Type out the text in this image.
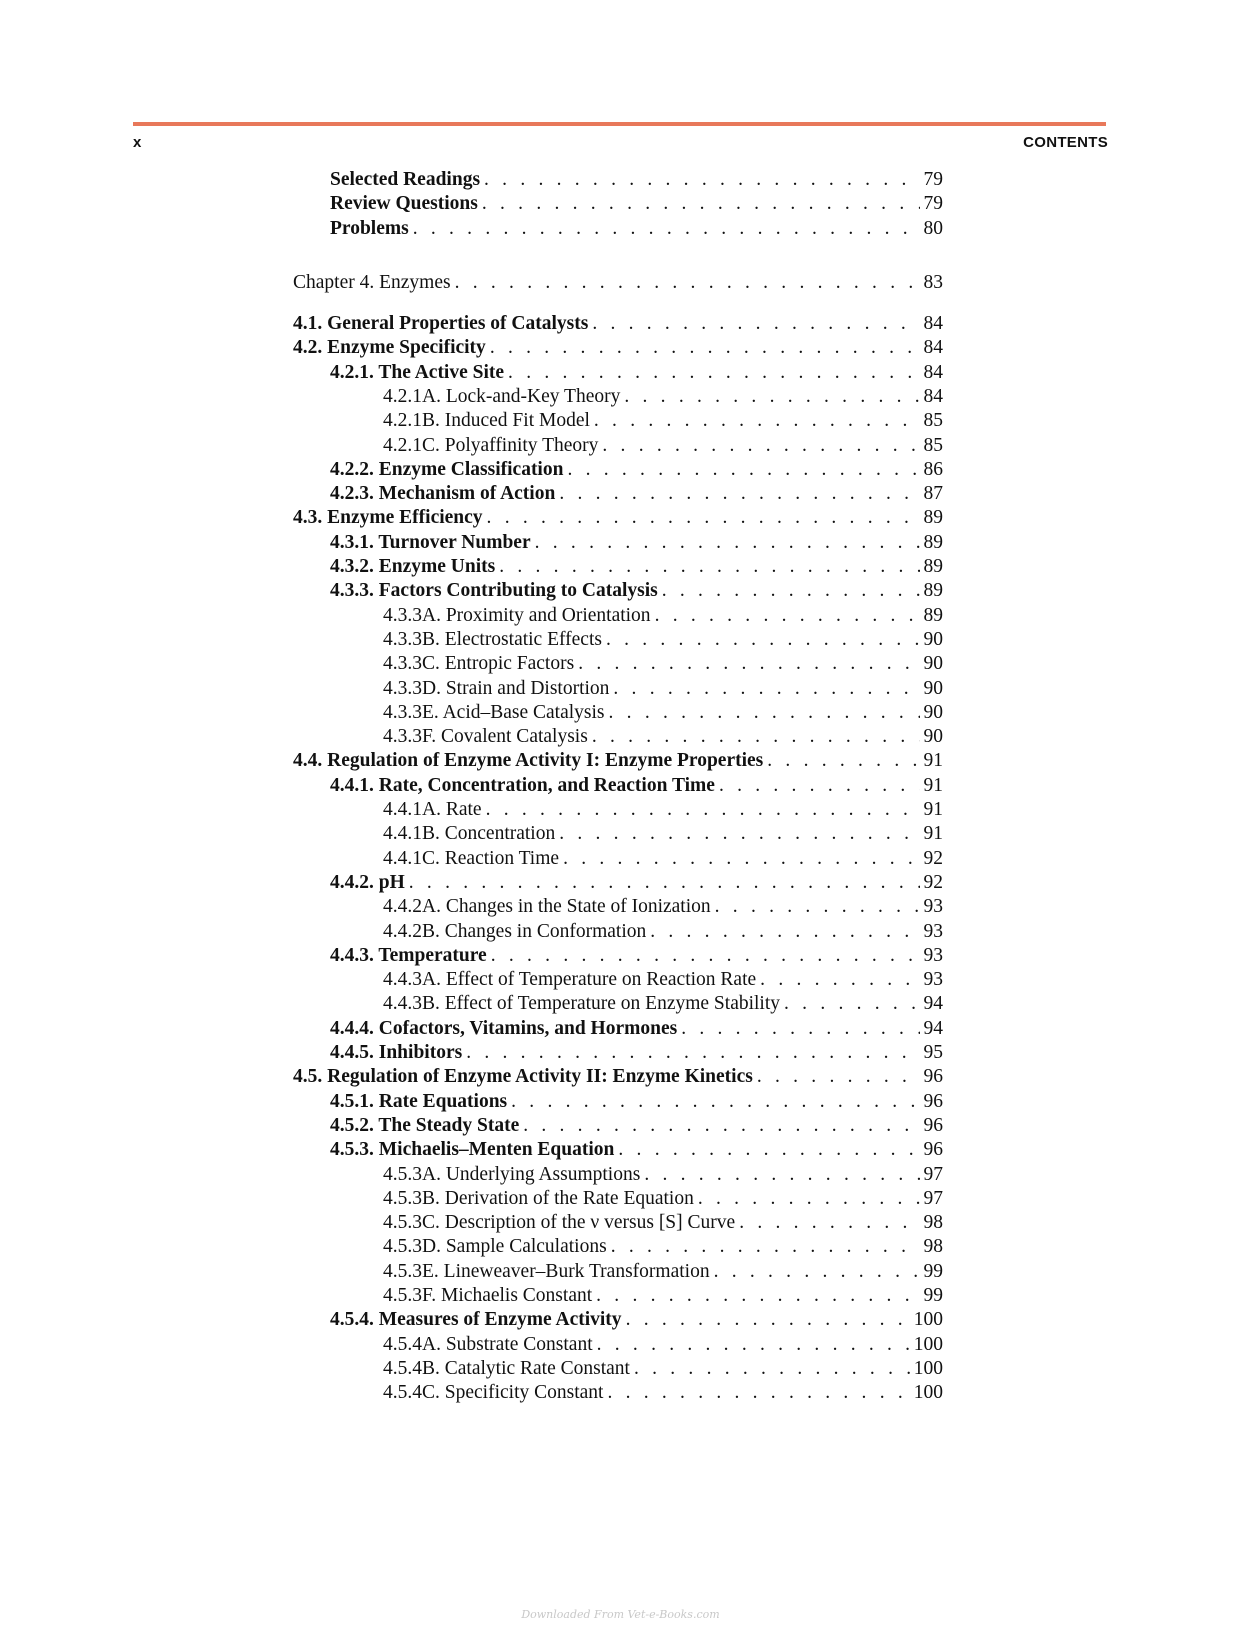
x	CONTENTS
Selected Readings . . .	79
Review Questions . . .	79
Problems . . .	80
Chapter 4. Enzymes . . .	83
4.1. General Properties of Catalysts . . .	84
4.2. Enzyme Specificity . . .	84
4.2.1. The Active Site . . .	84
4.2.1A. Lock-and-Key Theory . . .	84
4.2.1B. Induced Fit Model . . .	85
4.2.1C. Polyaffinity Theory . . .	85
4.2.2. Enzyme Classification . . .	86
4.2.3. Mechanism of Action . . .	87
4.3. Enzyme Efficiency . . .	89
4.3.1. Turnover Number . . .	89
4.3.2. Enzyme Units . . .	89
4.3.3. Factors Contributing to Catalysis . . .	89
4.3.3A. Proximity and Orientation . . .	89
4.3.3B. Electrostatic Effects . . .	90
4.3.3C. Entropic Factors . . .	90
4.3.3D. Strain and Distortion . . .	90
4.3.3E. Acid–Base Catalysis . . .	90
4.3.3F. Covalent Catalysis . . .	90
4.4. Regulation of Enzyme Activity I: Enzyme Properties . . .	91
4.4.1. Rate, Concentration, and Reaction Time . . .	91
4.4.1A. Rate . . .	91
4.4.1B. Concentration . . .	91
4.4.1C. Reaction Time . . .	92
4.4.2. pH . . .	92
4.4.2A. Changes in the State of Ionization . . .	93
4.4.2B. Changes in Conformation . . .	93
4.4.3. Temperature . . .	93
4.4.3A. Effect of Temperature on Reaction Rate . . .	93
4.4.3B. Effect of Temperature on Enzyme Stability . . .	94
4.4.4. Cofactors, Vitamins, and Hormones . . .	94
4.4.5. Inhibitors . . .	95
4.5. Regulation of Enzyme Activity II: Enzyme Kinetics . . .	96
4.5.1. Rate Equations . . .	96
4.5.2. The Steady State . . .	96
4.5.3. Michaelis–Menten Equation . . .	96
4.5.3A. Underlying Assumptions . . .	97
4.5.3B. Derivation of the Rate Equation . . .	97
4.5.3C. Description of the ν versus [S] Curve . . .	98
4.5.3D. Sample Calculations . . .	98
4.5.3E. Lineweaver–Burk Transformation . . .	99
4.5.3F. Michaelis Constant . . .	99
4.5.4. Measures of Enzyme Activity . . .	100
4.5.4A. Substrate Constant . . .	100
4.5.4B. Catalytic Rate Constant . . .	100
4.5.4C. Specificity Constant . . .	100
Downloaded From Vet-e-Books.com
